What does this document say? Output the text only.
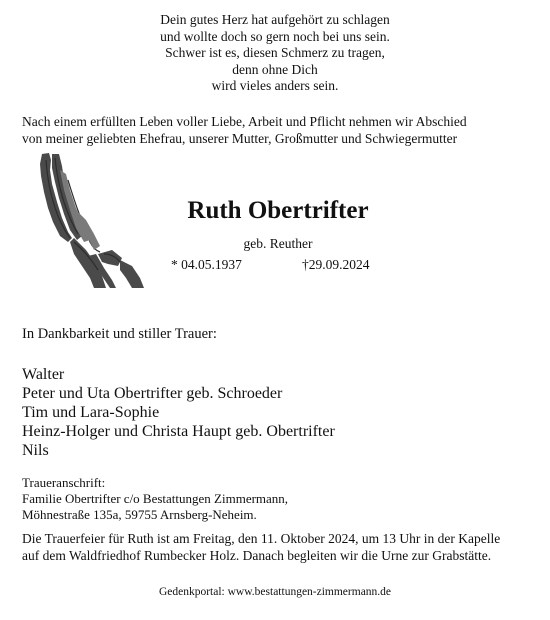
Dein gutes Herz hat aufgehört zu schlagen
und wollte doch so gern noch bei uns sein.
Schwer ist es, diesen Schmerz zu tragen,
denn ohne Dich
wird vieles anders sein.
Nach einem erfüllten Leben voller Liebe, Arbeit und Pflicht nehmen wir Abschied
von meiner geliebten Ehefrau, unserer Mutter, Großmutter und Schwiegermutter
Ruth Obertrifter
geb. Reuther
* 04.05.1937	†29.09.2024
In Dankbarkeit und stiller Trauer:
Walter
Peter und Uta Obertrifter geb. Schroeder
Tim und Lara-Sophie
Heinz-Holger und Christa Haupt geb. Obertrifter
Nils
Traueranschrift:
Familie Obertrifter c/o Bestattungen Zimmermann,
Möhnestraße 135a, 59755 Arnsberg-Neheim.
Die Trauerfeier für Ruth ist am Freitag, den 11. Oktober 2024, um 13 Uhr in der Kapelle
auf dem Waldfriedhof Rumbecker Holz. Danach begleiten wir die Urne zur Grabstätte.
Gedenkportal: www.bestattungen-zimmermann.de
